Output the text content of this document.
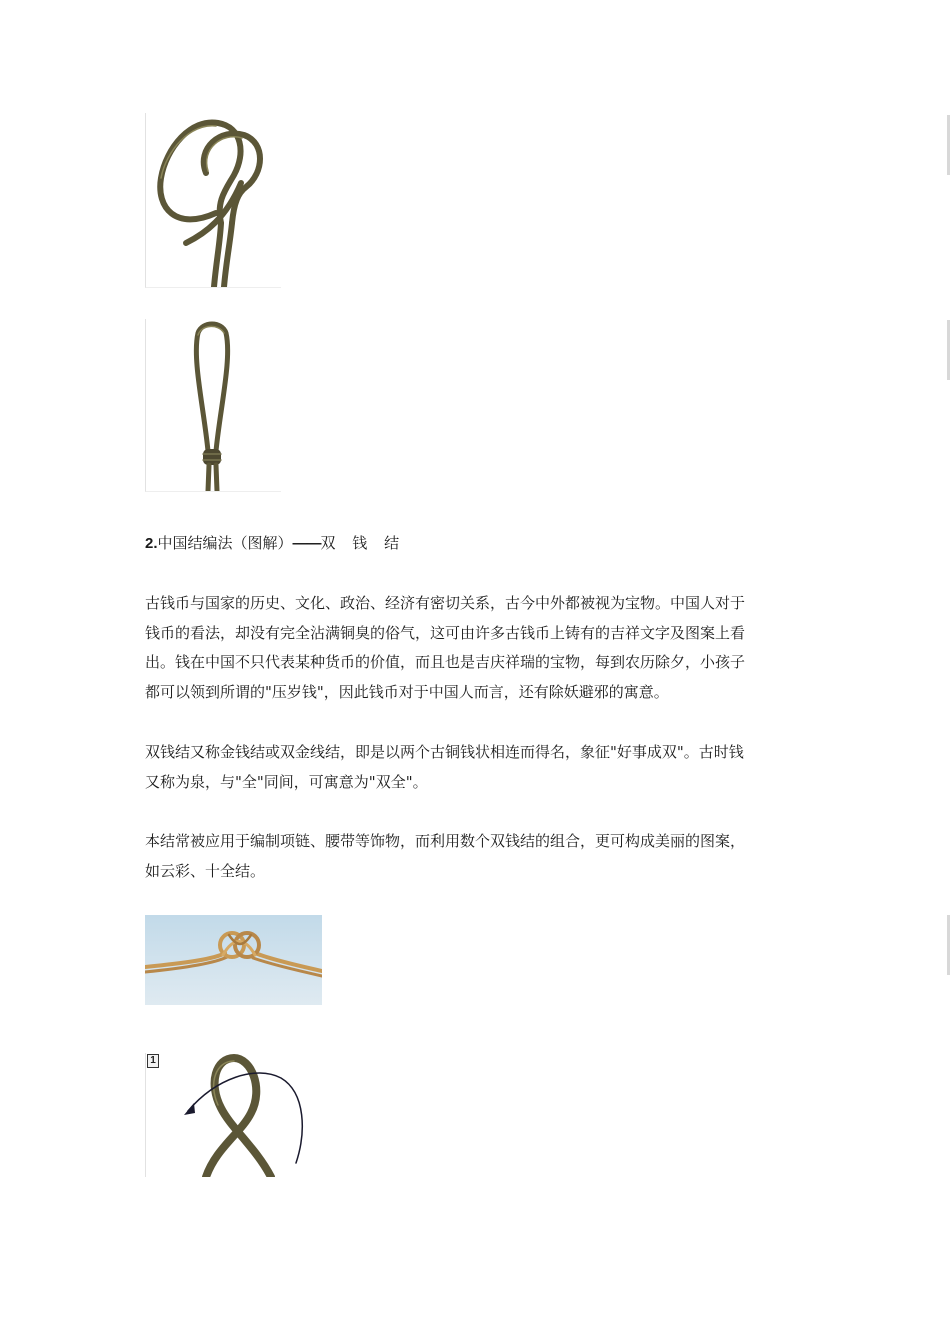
2.中国结编法（图解）——双 钱 结

古钱币与国家的历史、文化、政治、经济有密切关系，古今中外都被视为宝物。中国人对于
钱币的看法，却没有完全沾满铜臭的俗气，这可由许多古钱币上铸有的吉祥文字及图案上看
出。钱在中国不只代表某种货币的价值，而且也是吉庆祥瑞的宝物，每到农历除夕，小孩子
都可以领到所谓的"压岁钱"，因此钱币对于中国人而言，还有除妖避邪的寓意。

双钱结又称金钱结或双金线结，即是以两个古铜钱状相连而得名，象征"好事成双"。古时钱
又称为泉，与"全"同间，可寓意为"双全"。

本结常被应用于编制项链、腰带等饰物，而利用数个双钱结的组合，更可构成美丽的图案，
如云彩、十全结。

1
